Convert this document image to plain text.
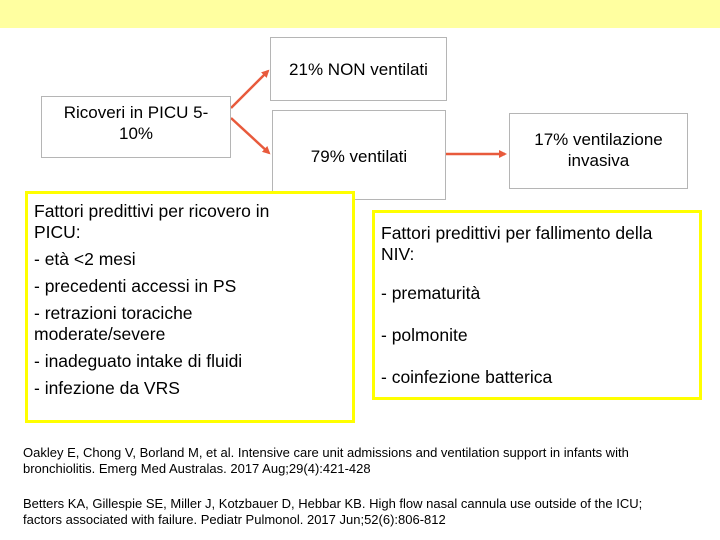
21% NON ventilati
Ricoveri in PICU 5-
10%
79% ventilati
17% ventilazione
invasiva
Fattori predittivi per ricovero in
PICU:
- età <2 mesi
- precedenti accessi in PS
- retrazioni toraciche
moderate/severe
- inadeguato intake di fluidi
- infezione da VRS
Fattori predittivi per fallimento della
NIV:
- prematurità
- polmonite
- coinfezione batterica
Oakley E, Chong V, Borland M, et al. Intensive care unit admissions and ventilation support in infants with
bronchiolitis. Emerg Med Australas. 2017 Aug;29(4):421-428
Betters KA, Gillespie SE, Miller J, Kotzbauer D, Hebbar KB. High flow nasal cannula use outside of the ICU;
factors associated with failure. Pediatr Pulmonol. 2017 Jun;52(6):806-812
